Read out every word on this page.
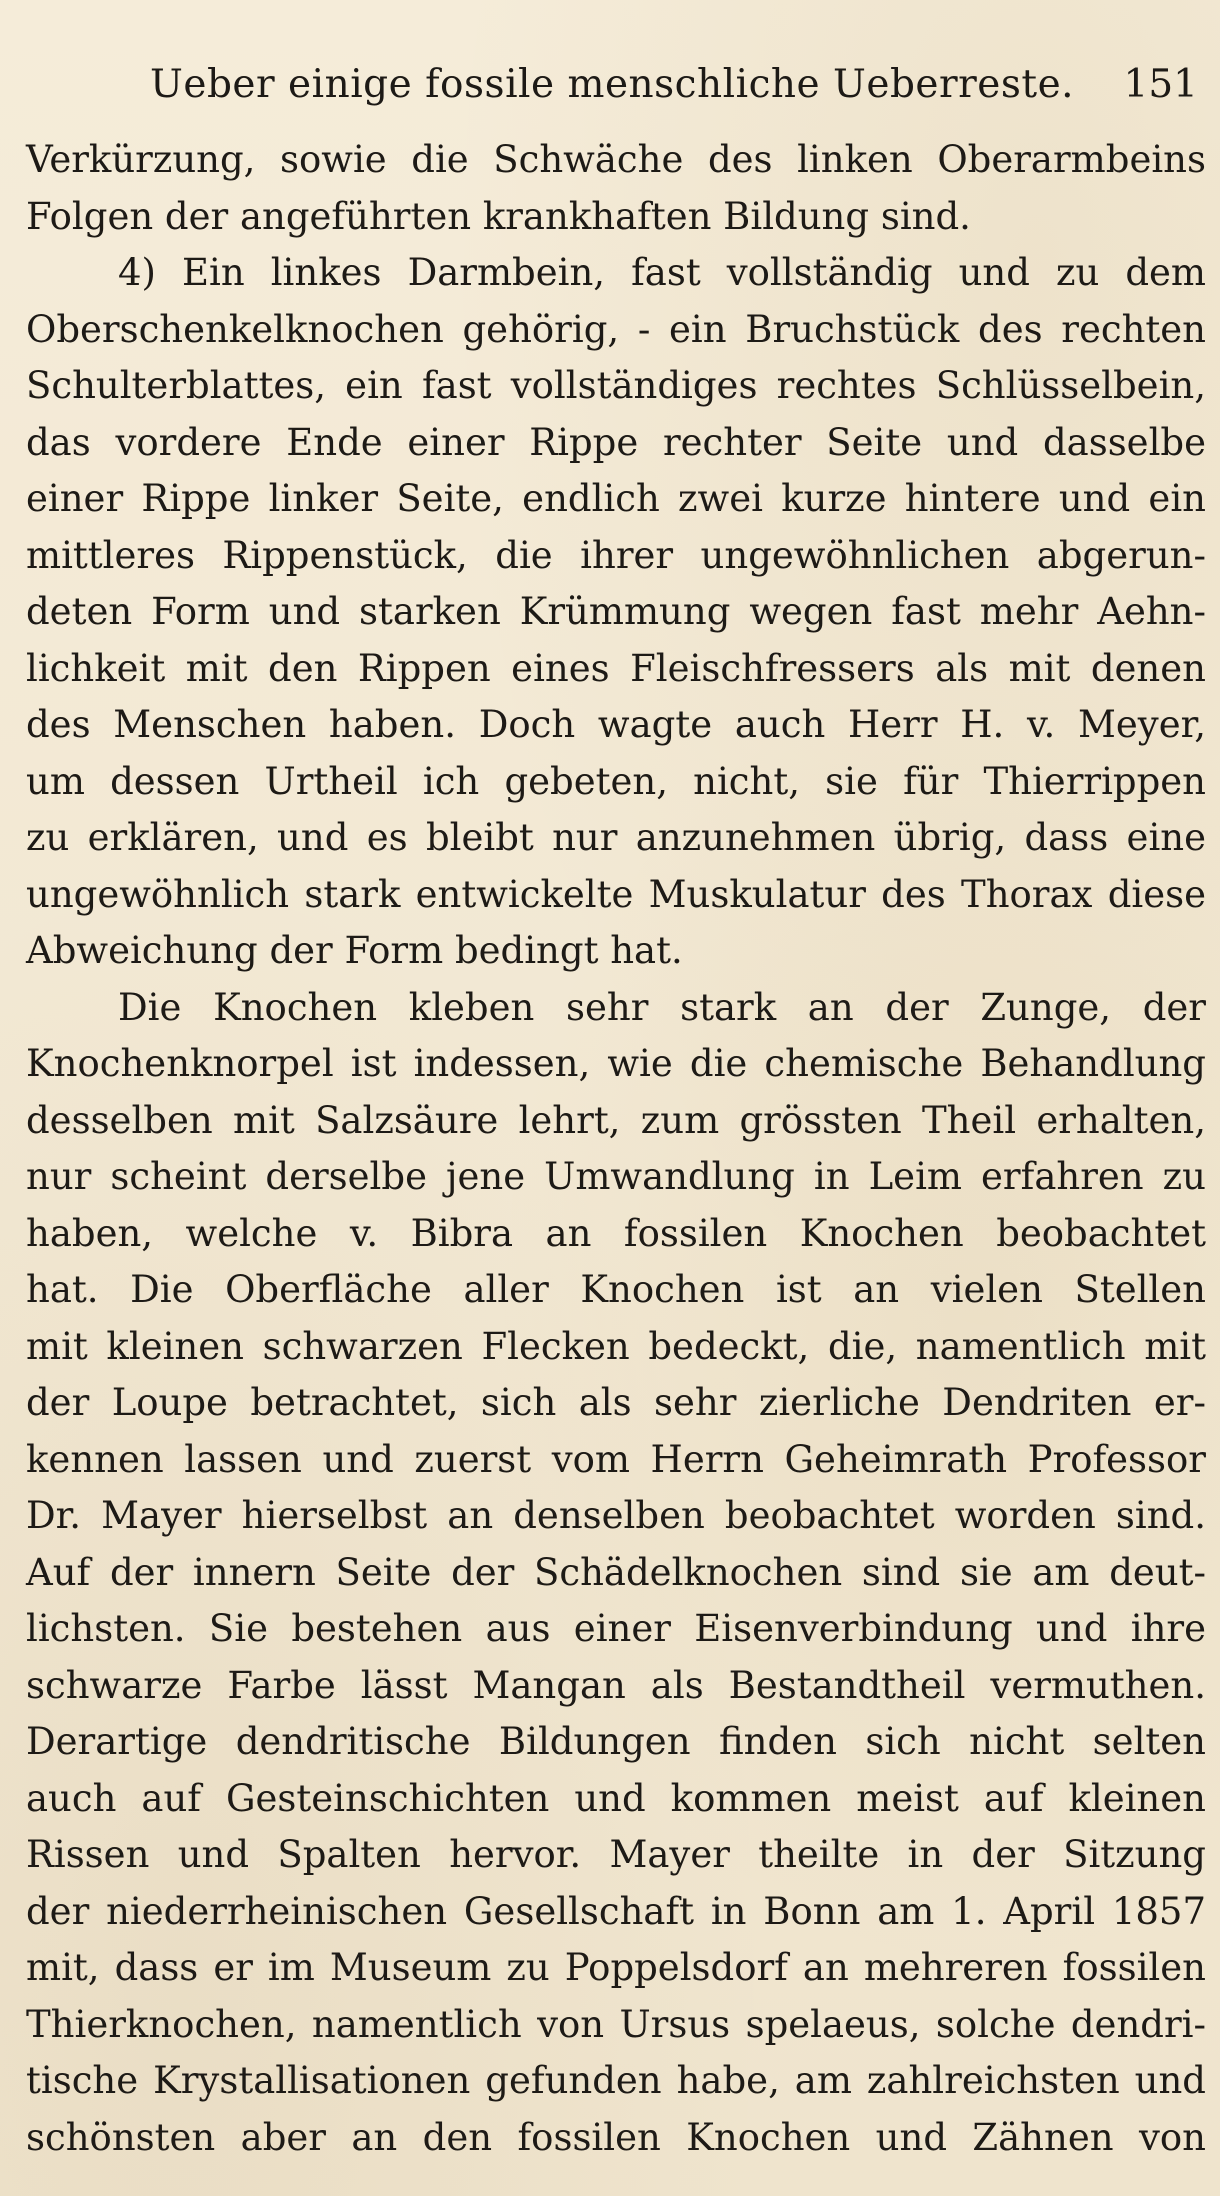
Ueber einige fossile menschliche Ueberreste. 151
Verkürzung, sowie die Schwäche des linken Oberarmbeins
Folgen der angeführten krankhaften Bildung sind.
4) Ein linkes Darmbein, fast vollständig und zu dem
Oberschenkelknochen gehörig, - ein Bruchstück des rechten
Schulterblattes, ein fast vollständiges rechtes Schlüsselbein,
das vordere Ende einer Rippe rechter Seite und dasselbe
einer Rippe linker Seite, endlich zwei kurze hintere und ein
mittleres Rippenstück, die ihrer ungewöhnlichen abgerun-
deten Form und starken Krümmung wegen fast mehr Aehn-
lichkeit mit den Rippen eines Fleischfressers als mit denen
des Menschen haben. Doch wagte auch Herr H. v. Meyer,
um dessen Urtheil ich gebeten, nicht, sie für Thierrippen
zu erklären, und es bleibt nur anzunehmen übrig, dass eine
ungewöhnlich stark entwickelte Muskulatur des Thorax diese
Abweichung der Form bedingt hat.
Die Knochen kleben sehr stark an der Zunge, der
Knochenknorpel ist indessen, wie die chemische Behandlung
desselben mit Salzsäure lehrt, zum grössten Theil erhalten,
nur scheint derselbe jene Umwandlung in Leim erfahren zu
haben, welche v. Bibra an fossilen Knochen beobachtet
hat. Die Oberfläche aller Knochen ist an vielen Stellen
mit kleinen schwarzen Flecken bedeckt, die, namentlich mit
der Loupe betrachtet, sich als sehr zierliche Dendriten er-
kennen lassen und zuerst vom Herrn Geheimrath Professor
Dr. Mayer hierselbst an denselben beobachtet worden sind.
Auf der innern Seite der Schädelknochen sind sie am deut-
lichsten. Sie bestehen aus einer Eisenverbindung und ihre
schwarze Farbe lässt Mangan als Bestandtheil vermuthen.
Derartige dendritische Bildungen finden sich nicht selten
auch auf Gesteinschichten und kommen meist auf kleinen
Rissen und Spalten hervor. Mayer theilte in der Sitzung
der niederrheinischen Gesellschaft in Bonn am 1. April 1857
mit, dass er im Museum zu Poppelsdorf an mehreren fossilen
Thierknochen, namentlich von Ursus spelaeus, solche dendri-
tische Krystallisationen gefunden habe, am zahlreichsten und
schönsten aber an den fossilen Knochen und Zähnen von
